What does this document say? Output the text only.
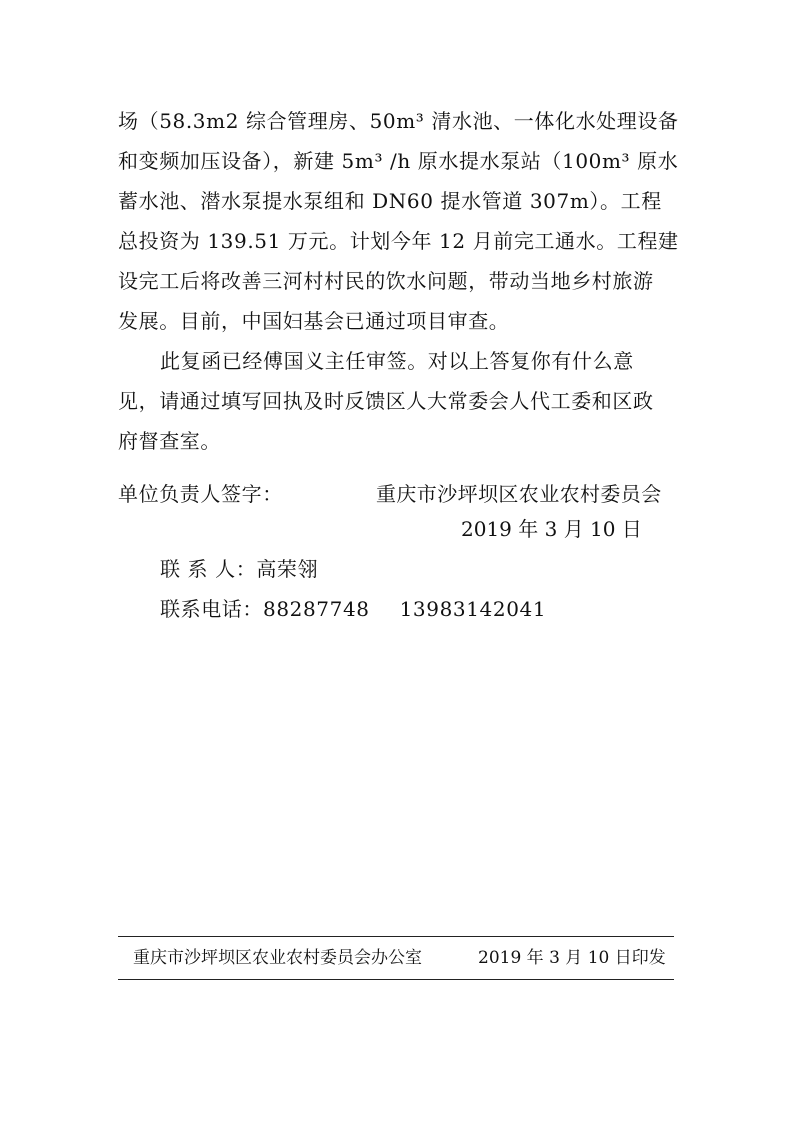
场（58.3m2 综合管理房、50m³ 清水池、一体化水处理设备
和变频加压设备），新建 5m³ /h 原水提水泵站（100m³ 原水
蓄水池、潜水泵提水泵组和 DN60 提水管道 307m）。工程
总投资为 139.51 万元。计划今年 12 月前完工通水。工程建
设完工后将改善三河村村民的饮水问题，带动当地乡村旅游
发展。目前，中国妇基会已通过项目审查。
此复函已经傅国义主任审签。对以上答复你有什么意
见，请通过填写回执及时反馈区人大常委会人代工委和区政
府督查室。
单位负责人签字：	重庆市沙坪坝区农业农村委员会
2019 年 3 月 10 日
联 系 人：高荣翎
联系电话：88287748 13983142041
重庆市沙坪坝区农业农村委员会办公室	2019 年 3 月 10 日印发
